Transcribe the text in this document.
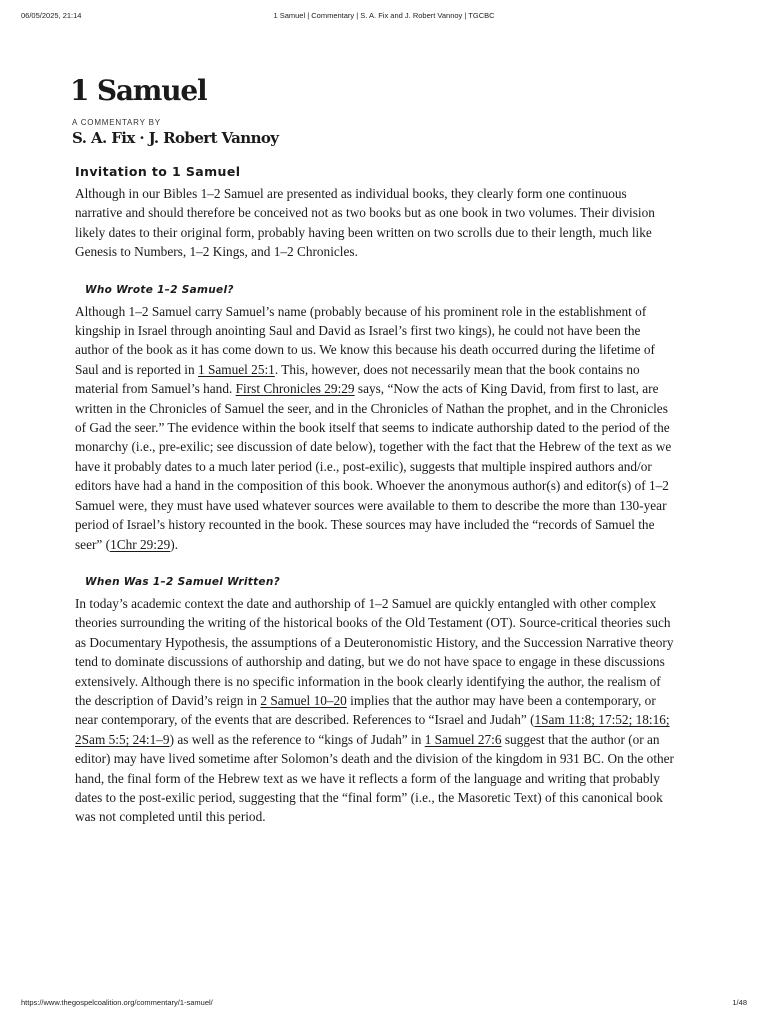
06/05/2025, 21:14	1 Samuel | Commentary | S. A. Fix and J. Robert Vannoy | TGCBC
1 Samuel
A COMMENTARY BY
S. A. Fix · J. Robert Vannoy
Invitation to 1 Samuel

Although in our Bibles 1–2 Samuel are presented as individual books, they clearly form one continuous
narrative and should therefore be conceived not as two books but as one book in two volumes. Their division
likely dates to their original form, probably having been written on two scrolls due to their length, much like
Genesis to Numbers, 1–2 Kings, and 1–2 Chronicles.

Who Wrote 1–2 Samuel?

Although 1–2 Samuel carry Samuel’s name (probably because of his prominent role in the establishment of
kingship in Israel through anointing Saul and David as Israel’s first two kings), he could not have been the
author of the book as it has come down to us. We know this because his death occurred during the lifetime of
Saul and is reported in 1 Samuel 25:1. This, however, does not necessarily mean that the book contains no
material from Samuel’s hand. First Chronicles 29:29 says, “Now the acts of King David, from first to last, are
written in the Chronicles of Samuel the seer, and in the Chronicles of Nathan the prophet, and in the Chronicles
of Gad the seer.” The evidence within the book itself that seems to indicate authorship dated to the period of the
monarchy (i.e., pre-exilic; see discussion of date below), together with the fact that the Hebrew of the text as we
have it probably dates to a much later period (i.e., post-exilic), suggests that multiple inspired authors and/or
editors have had a hand in the composition of this book. Whoever the anonymous author(s) and editor(s) of 1–2
Samuel were, they must have used whatever sources were available to them to describe the more than 130-year
period of Israel’s history recounted in the book. These sources may have included the “records of Samuel the
seer” (1Chr 29:29).

When Was 1–2 Samuel Written?

In today’s academic context the date and authorship of 1–2 Samuel are quickly entangled with other complex
theories surrounding the writing of the historical books of the Old Testament (OT). Source-critical theories such
as Documentary Hypothesis, the assumptions of a Deuteronomistic History, and the Succession Narrative theory
tend to dominate discussions of authorship and dating, but we do not have space to engage in these discussions
extensively. Although there is no specific information in the book clearly identifying the author, the realism of
the description of David’s reign in 2 Samuel 10–20 implies that the author may have been a contemporary, or
near contemporary, of the events that are described. References to “Israel and Judah” (1Sam 11:8; 17:52; 18:16;
2Sam 5:5; 24:1–9) as well as the reference to “kings of Judah” in 1 Samuel 27:6 suggest that the author (or an
editor) may have lived sometime after Solomon’s death and the division of the kingdom in 931 BC. On the other
hand, the final form of the Hebrew text as we have it reflects a form of the language and writing that probably
dates to the post-exilic period, suggesting that the “final form” (i.e., the Masoretic Text) of this canonical book
was not completed until this period.

https://www.thegospelcoalition.org/commentary/1-samuel/	1/48
